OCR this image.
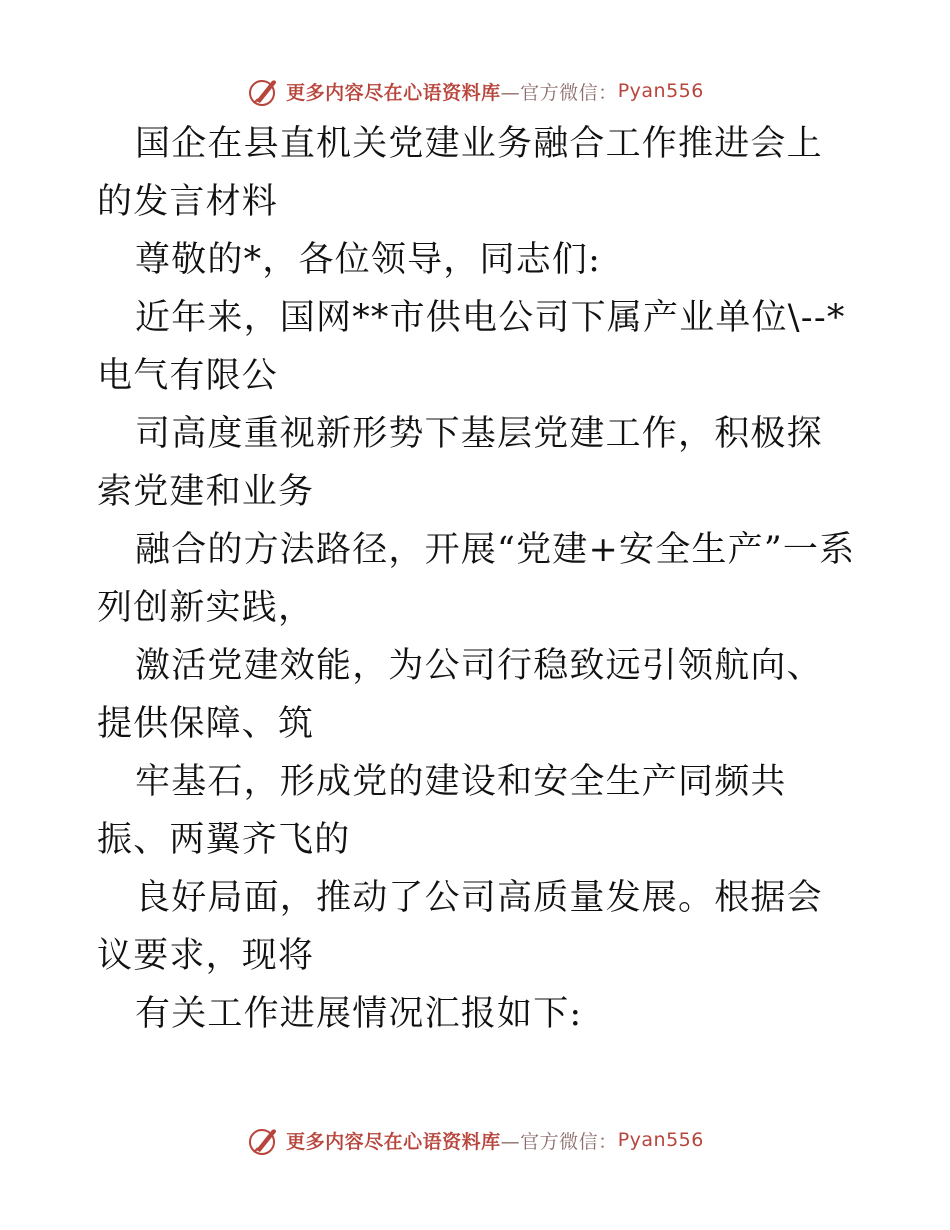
更多内容尽在心语资料库 —官方微信： Pyan556

国企在县直机关党建业务融合工作推进会上的发言材料

尊敬的*，各位领导，同志们:

近年来，国网**市供电公司下属产业单位\--*电气有限公

司高度重视新形势下基层党建工作，积极探索党建和业务

融合的方法路径，开展“党建+安全生产”一系列创新实践，

激活党建效能，为公司行稳致远引领航向、提供保障、筑

牢基石，形成党的建设和安全生产同频共振、两翼齐飞的

良好局面，推动了公司高质量发展。根据会议要求，现将

有关工作进展情况汇报如下:

更多内容尽在心语资料库 —官方微信： Pyan556
